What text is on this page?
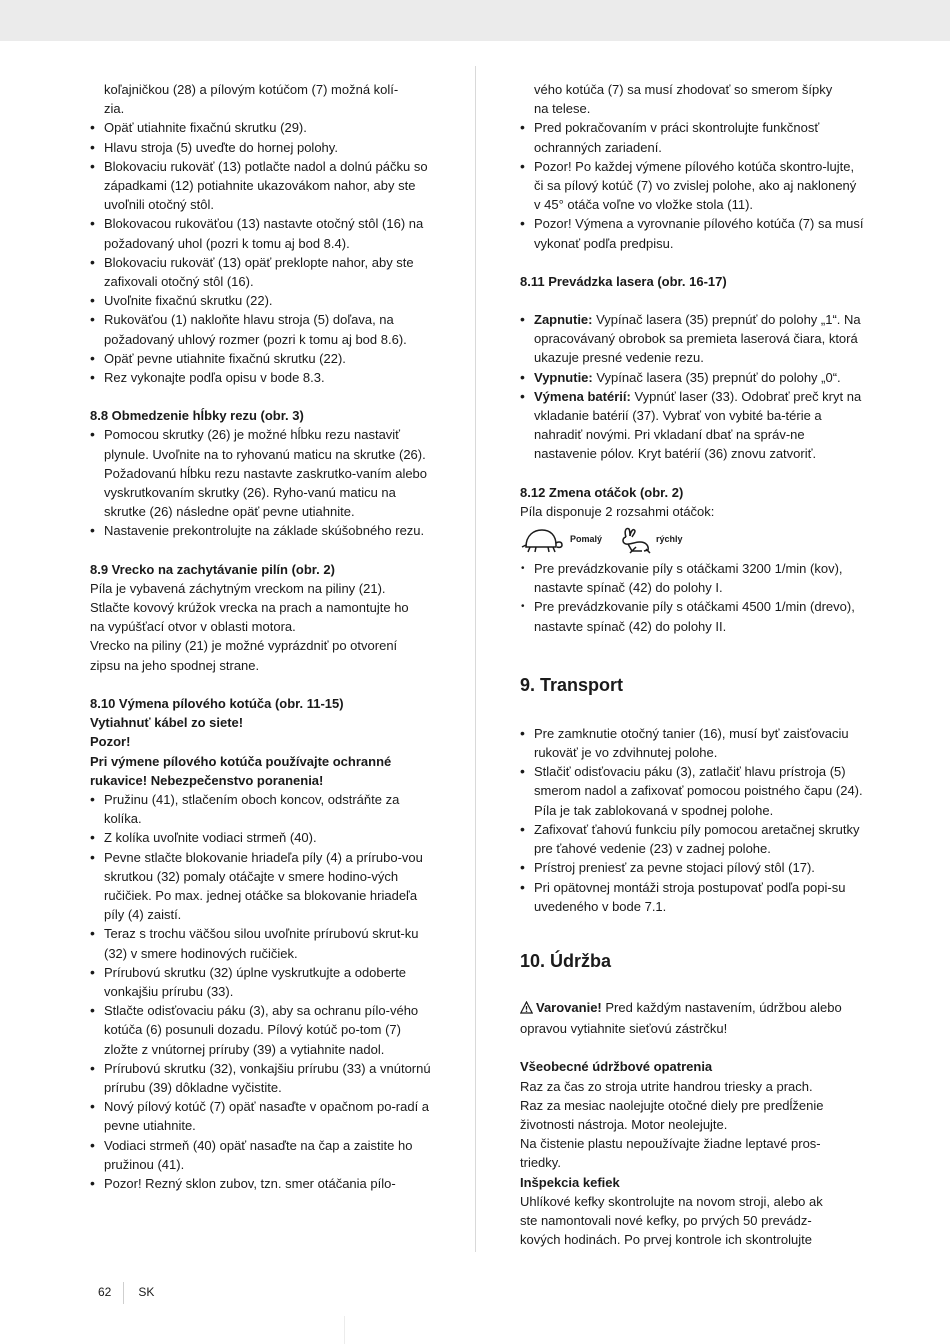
koľajničkou (28) a pílovým kotúčom (7) možná kolí-

zia.

• Opäť utiahnite fixačnú skrutku (29).
• Hlavu stroja (5) uveďte do hornej polohy.
• Blokovaciu rukoväť (13) potlačte nadol a dolnú páčku so západkami (12) potiahnite ukazovákom nahor, aby ste uvoľnili otočný stôl.
• Blokovacou rukoväťou (13) nastavte otočný stôl (16) na požadovaný uhol (pozri k tomu aj bod 8.4).
• Blokovaciu rukoväť (13) opäť preklopte nahor, aby ste zafixovali otočný stôl (16).
• Uvoľnite fixačnú skrutku (22).
• Rukoväťou (1) nakloňte hlavu stroja (5) doľava, na požadovaný uhlový rozmer (pozri k tomu aj bod 8.6).
• Opäť pevne utiahnite fixačnú skrutku (22).
• Rez vykonajte podľa opisu v bode 8.3.

8.8 Obmedzenie hĺbky rezu (obr. 3)

• Pomocou skrutky (26) je možné hĺbku rezu nastaviť plynule. Uvoľnite na to ryhovanú maticu na skrutke (26). Požadovanú hĺbku rezu nastavte zaskrutko-vaním alebo vyskrutkovaním skrutky (26). Ryho-vanú maticu na skrutke (26) následne opäť pevne utiahnite.
• Nastavenie prekontrolujte na základe skúšobného rezu.

8.9 Vrecko na zachytávanie pilín (obr. 2)

Píla je vybavená záchytným vreckom na piliny (21).

Stlačte kovový krúžok vrecka na prach a namontujte ho

na vypúšťací otvor v oblasti motora.

Vrecko na piliny (21) je možné vyprázdniť po otvorení

zipsu na jeho spodnej strane.

8.10 Výmena pílového kotúča (obr. 11-15)

Vytiahnuť kábel zo siete!

Pozor!

Pri výmene pílového kotúča používajte ochranné

rukavice! Nebezpečenstvo poranenia!

• Pružinu (41), stlačením oboch koncov, odstráňte za kolíka.
• Z kolíka uvoľnite vodiaci strmeň (40).
• Pevne stlačte blokovanie hriadeľa píly (4) a prírubo-vou skrutkou (32) pomaly otáčajte v smere hodino-vých ručičiek. Po max. jednej otáčke sa blokovanie hriadeľa píly (4) zaistí.
• Teraz s trochu väčšou silou uvoľnite prírubovú skrut-ku (32) v smere hodinových ručičiek.
• Prírubovú skrutku (32) úplne vyskrutkujte a odoberte vonkajšiu prírubu (33).
• Stlačte odisťovaciu páku (3), aby sa ochranu pílo-vého kotúča (6) posunuli dozadu. Pílový kotúč po-tom (7) zložte z vnútornej príruby (39) a vytiahnite nadol.
• Prírubovú skrutku (32), vonkajšiu prírubu (33) a vnútornú prírubu (39) dôkladne vyčistite.
• Nový pílový kotúč (7) opäť nasaďte v opačnom po-radí a pevne utiahnite.
• Vodiaci strmeň (40) opäť nasaďte na čap a zaistite ho pružinou (41).
• Pozor! Rezný sklon zubov, tzn. smer otáčania pílo-

vého kotúča (7) sa musí zhodovať so smerom šípky

na telese.

• Pred pokračovaním v práci skontrolujte funkčnosť ochranných zariadení.
• Pozor! Po každej výmene pílového kotúča skontro-lujte, či sa pílový kotúč (7) vo zvislej polohe, ako aj naklonený v 45° otáča voľne vo vložke stola (11).
• Pozor! Výmena a vyrovnanie pílového kotúča (7) sa musí vykonať podľa predpisu.

8.11 Prevádzka lasera (obr. 16-17)

• Zapnutie: Vypínač lasera (35) prepnúť do polohy „1“. Na opracovávaný obrobok sa premieta laserová čiara, ktorá ukazuje presné vedenie rezu.
• Vypnutie: Vypínač lasera (35) prepnúť do polohy „0“.
• Výmena batérií: Vypnúť laser (33). Odobrať preč kryt na vkladanie batérií (37). Vybrať von vybité ba-térie a nahradiť novými. Pri vkladaní dbať na správ-ne nastavenie pólov. Kryt batérií (36) znovu zatvoriť.

8.12 Zmena otáčok (obr. 2)

Píla disponuje 2 rozsahmi otáčok:

Pomalý	rýchly
• Pre prevádzkovanie píly s otáčkami 3200 1/min (kov), nastavte spínač (42) do polohy I.
• Pre prevádzkovanie píly s otáčkami 4500 1/min (drevo), nastavte spínač (42) do polohy II.

9. Transport

• Pre zamknutie otočný tanier (16), musí byť zaisťovaciu rukoväť je vo zdvihnutej polohe.
• Stlačiť odisťovaciu páku (3), zatlačiť hlavu prístroja (5) smerom nadol a zafixovať pomocou poistného čapu (24). Píla je tak zablokovaná v spodnej polohe.
• Zafixovať ťahovú funkciu píly pomocou aretačnej skrutky pre ťahové vedenie (23) v zadnej polohe.
• Prístroj preniesť za pevne stojaci pílový stôl (17).
• Pri opätovnej montáži stroja postupovať podľa popi-su uvedeného v bode 7.1.

10. Údržba

Varovanie! Pred každým nastavením, údržbou alebo

opravou vytiahnite sieťovú zástrčku!

Všeobecné údržbové opatrenia

Raz za čas zo stroja utrite handrou triesky a prach.

Raz za mesiac naolejujte otočné diely pre predĺženie

životnosti nástroja. Motor neolejujte.

Na čistenie plastu nepoužívajte žiadne leptavé pros-

triedky.

Inšpekcia kefiek

Uhlíkové kefky skontrolujte na novom stroji, alebo ak

ste namontovali nové kefky, po prvých 50 prevádz-

kových hodinách. Po prvej kontrole ich skontrolujte

62 SK
